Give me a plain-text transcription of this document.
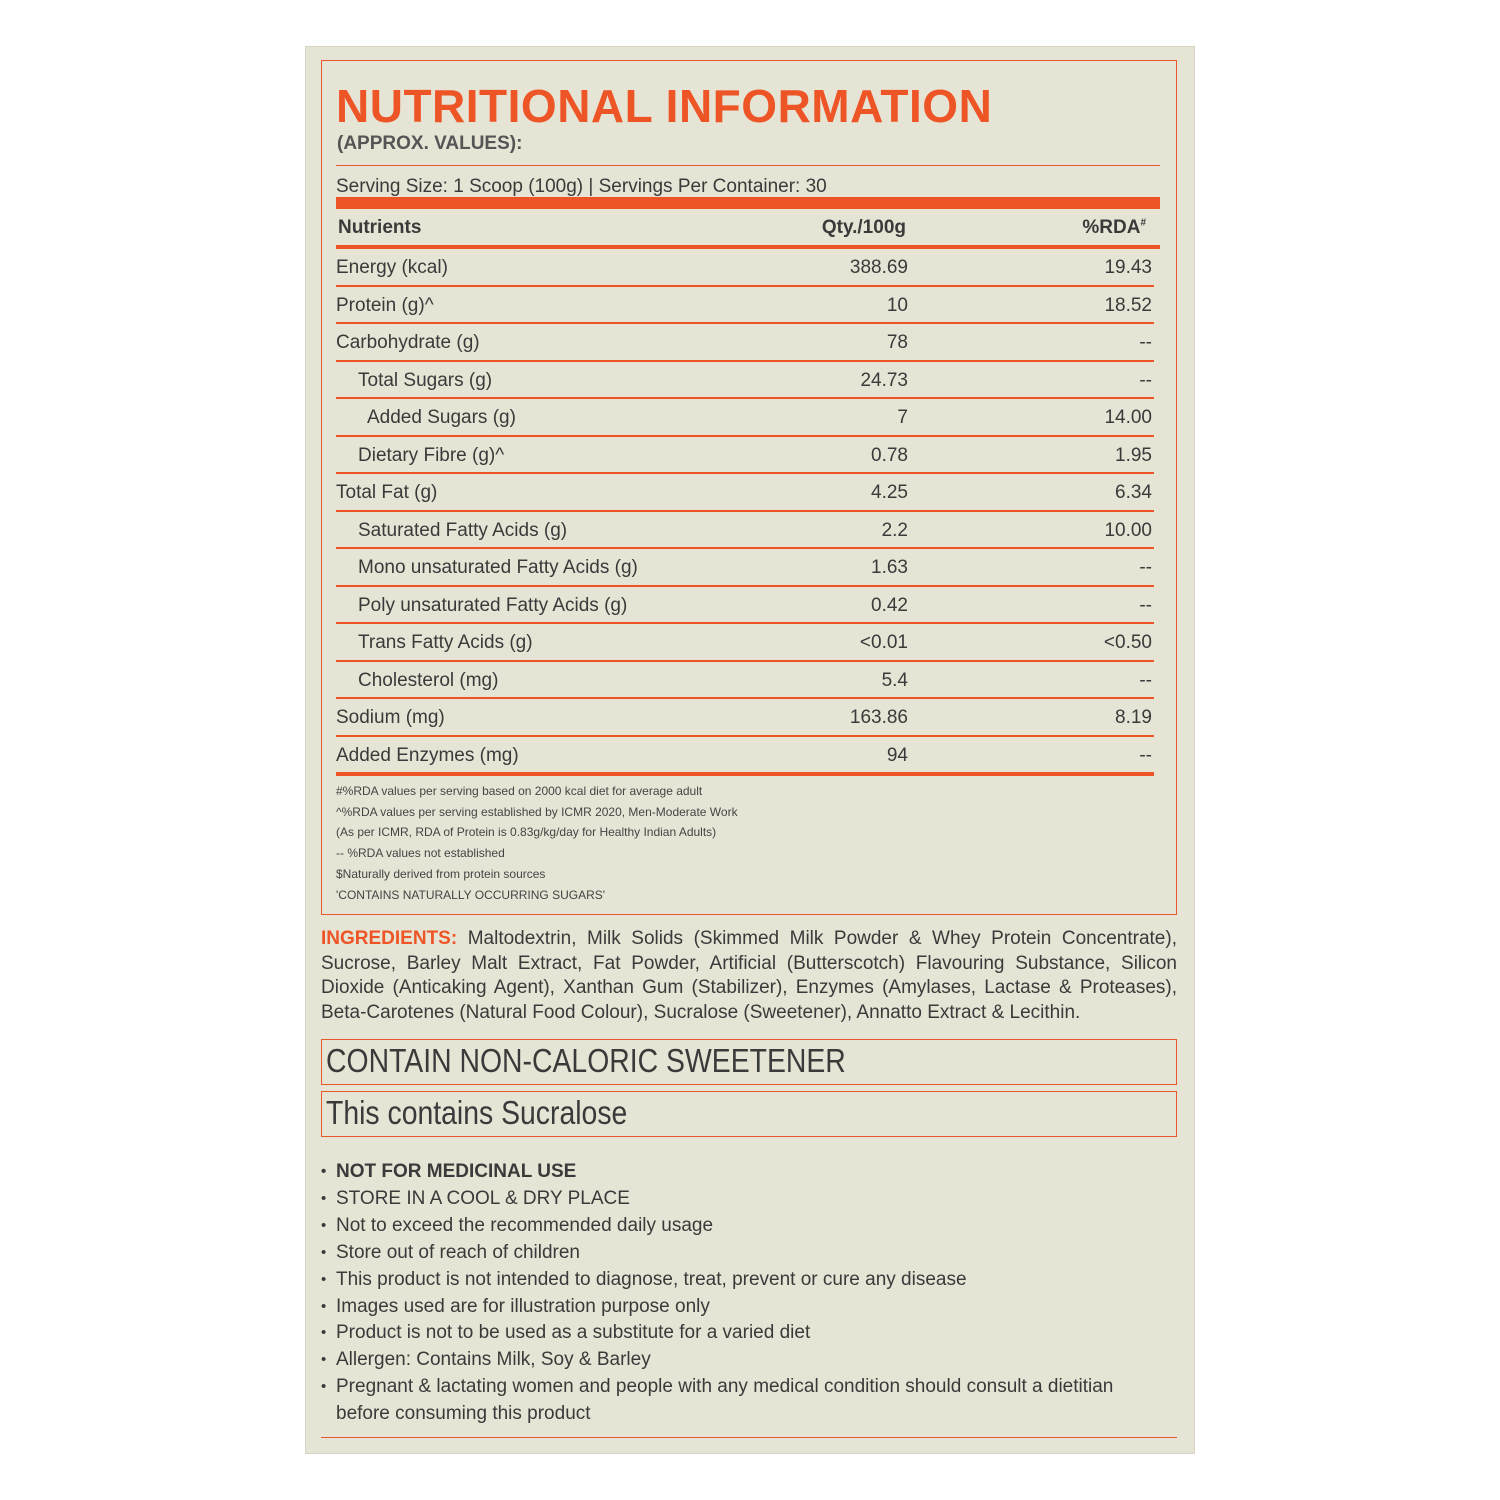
NUTRITIONAL INFORMATION
(APPROX. VALUES):
Serving Size: 1 Scoop (100g) | Servings Per Container: 30
Nutrients	Qty./100g	%RDA#
Energy (kcal)	388.69	19.43
Protein (g)^	10	18.52
Carbohydrate (g)	78	--
Total Sugars (g)	24.73	--
Added Sugars (g)	7	14.00
Dietary Fibre (g)^	0.78	1.95
Total Fat (g)	4.25	6.34
Saturated Fatty Acids (g)	2.2	10.00
Mono unsaturated Fatty Acids (g)	1.63	--
Poly unsaturated Fatty Acids (g)	0.42	--
Trans Fatty Acids (g)	<0.01	<0.50
Cholesterol (mg)	5.4	--
Sodium (mg)	163.86	8.19
Added Enzymes (mg)	94	--
#%RDA values per serving based on 2000 kcal diet for average adult
^%RDA values per serving established by ICMR 2020, Men-Moderate Work
(As per ICMR, RDA of Protein is 0.83g/kg/day for Healthy Indian Adults)
-- %RDA values not established
$Naturally derived from protein sources
'CONTAINS NATURALLY OCCURRING SUGARS'

INGREDIENTS: Maltodextrin, Milk Solids (Skimmed Milk Powder & Whey Protein Concentrate), Sucrose, Barley Malt Extract, Fat Powder, Artificial (Butterscotch) Flavouring Substance, Silicon Dioxide (Anticaking Agent), Xanthan Gum (Stabilizer), Enzymes (Amylases, Lactase & Proteases), Beta-Carotenes (Natural Food Colour), Sucralose (Sweetener), Annatto Extract & Lecithin.

CONTAIN NON-CALORIC SWEETENER
This contains Sucralose
• NOT FOR MEDICINAL USE
• STORE IN A COOL & DRY PLACE
• Not to exceed the recommended daily usage
• Store out of reach of children
• This product is not intended to diagnose, treat, prevent or cure any disease
• Images used are for illustration purpose only
• Product is not to be used as a substitute for a varied diet
• Allergen: Contains Milk, Soy & Barley
• Pregnant & lactating women and people with any medical condition should consult a dietitian before consuming this product
